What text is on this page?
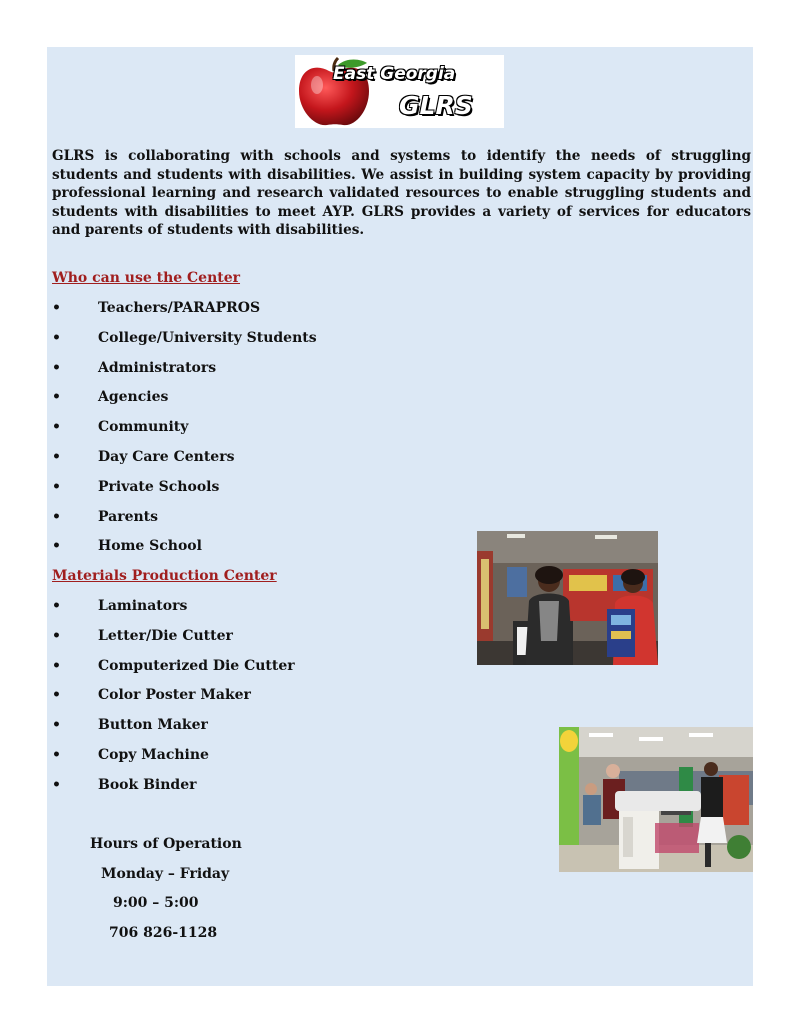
East Georgia
GLRS

GLRS is collaborating with schools and systems to identify the needs of struggling students and students with disabilities. We assist in building system capacity by providing professional learning and research validated resources to enable struggling students and students with disabilities to meet AYP. GLRS provides a variety of services for educators and parents of students with disabilities.

Who can use the Center
•	Teachers/PARAPROS
•	College/University Students
•	Administrators
•	Agencies
•	Community
•	Day Care Centers
•	Private Schools
•	Parents
•	Home School
Materials Production Center
•	Laminators
•	Letter/Die Cutter
•	Computerized Die Cutter
•	Color Poster Maker
•	Button Maker
•	Copy Machine
•	Book Binder
Hours of Operation
Monday – Friday
9:00 – 5:00
706 826-1128
